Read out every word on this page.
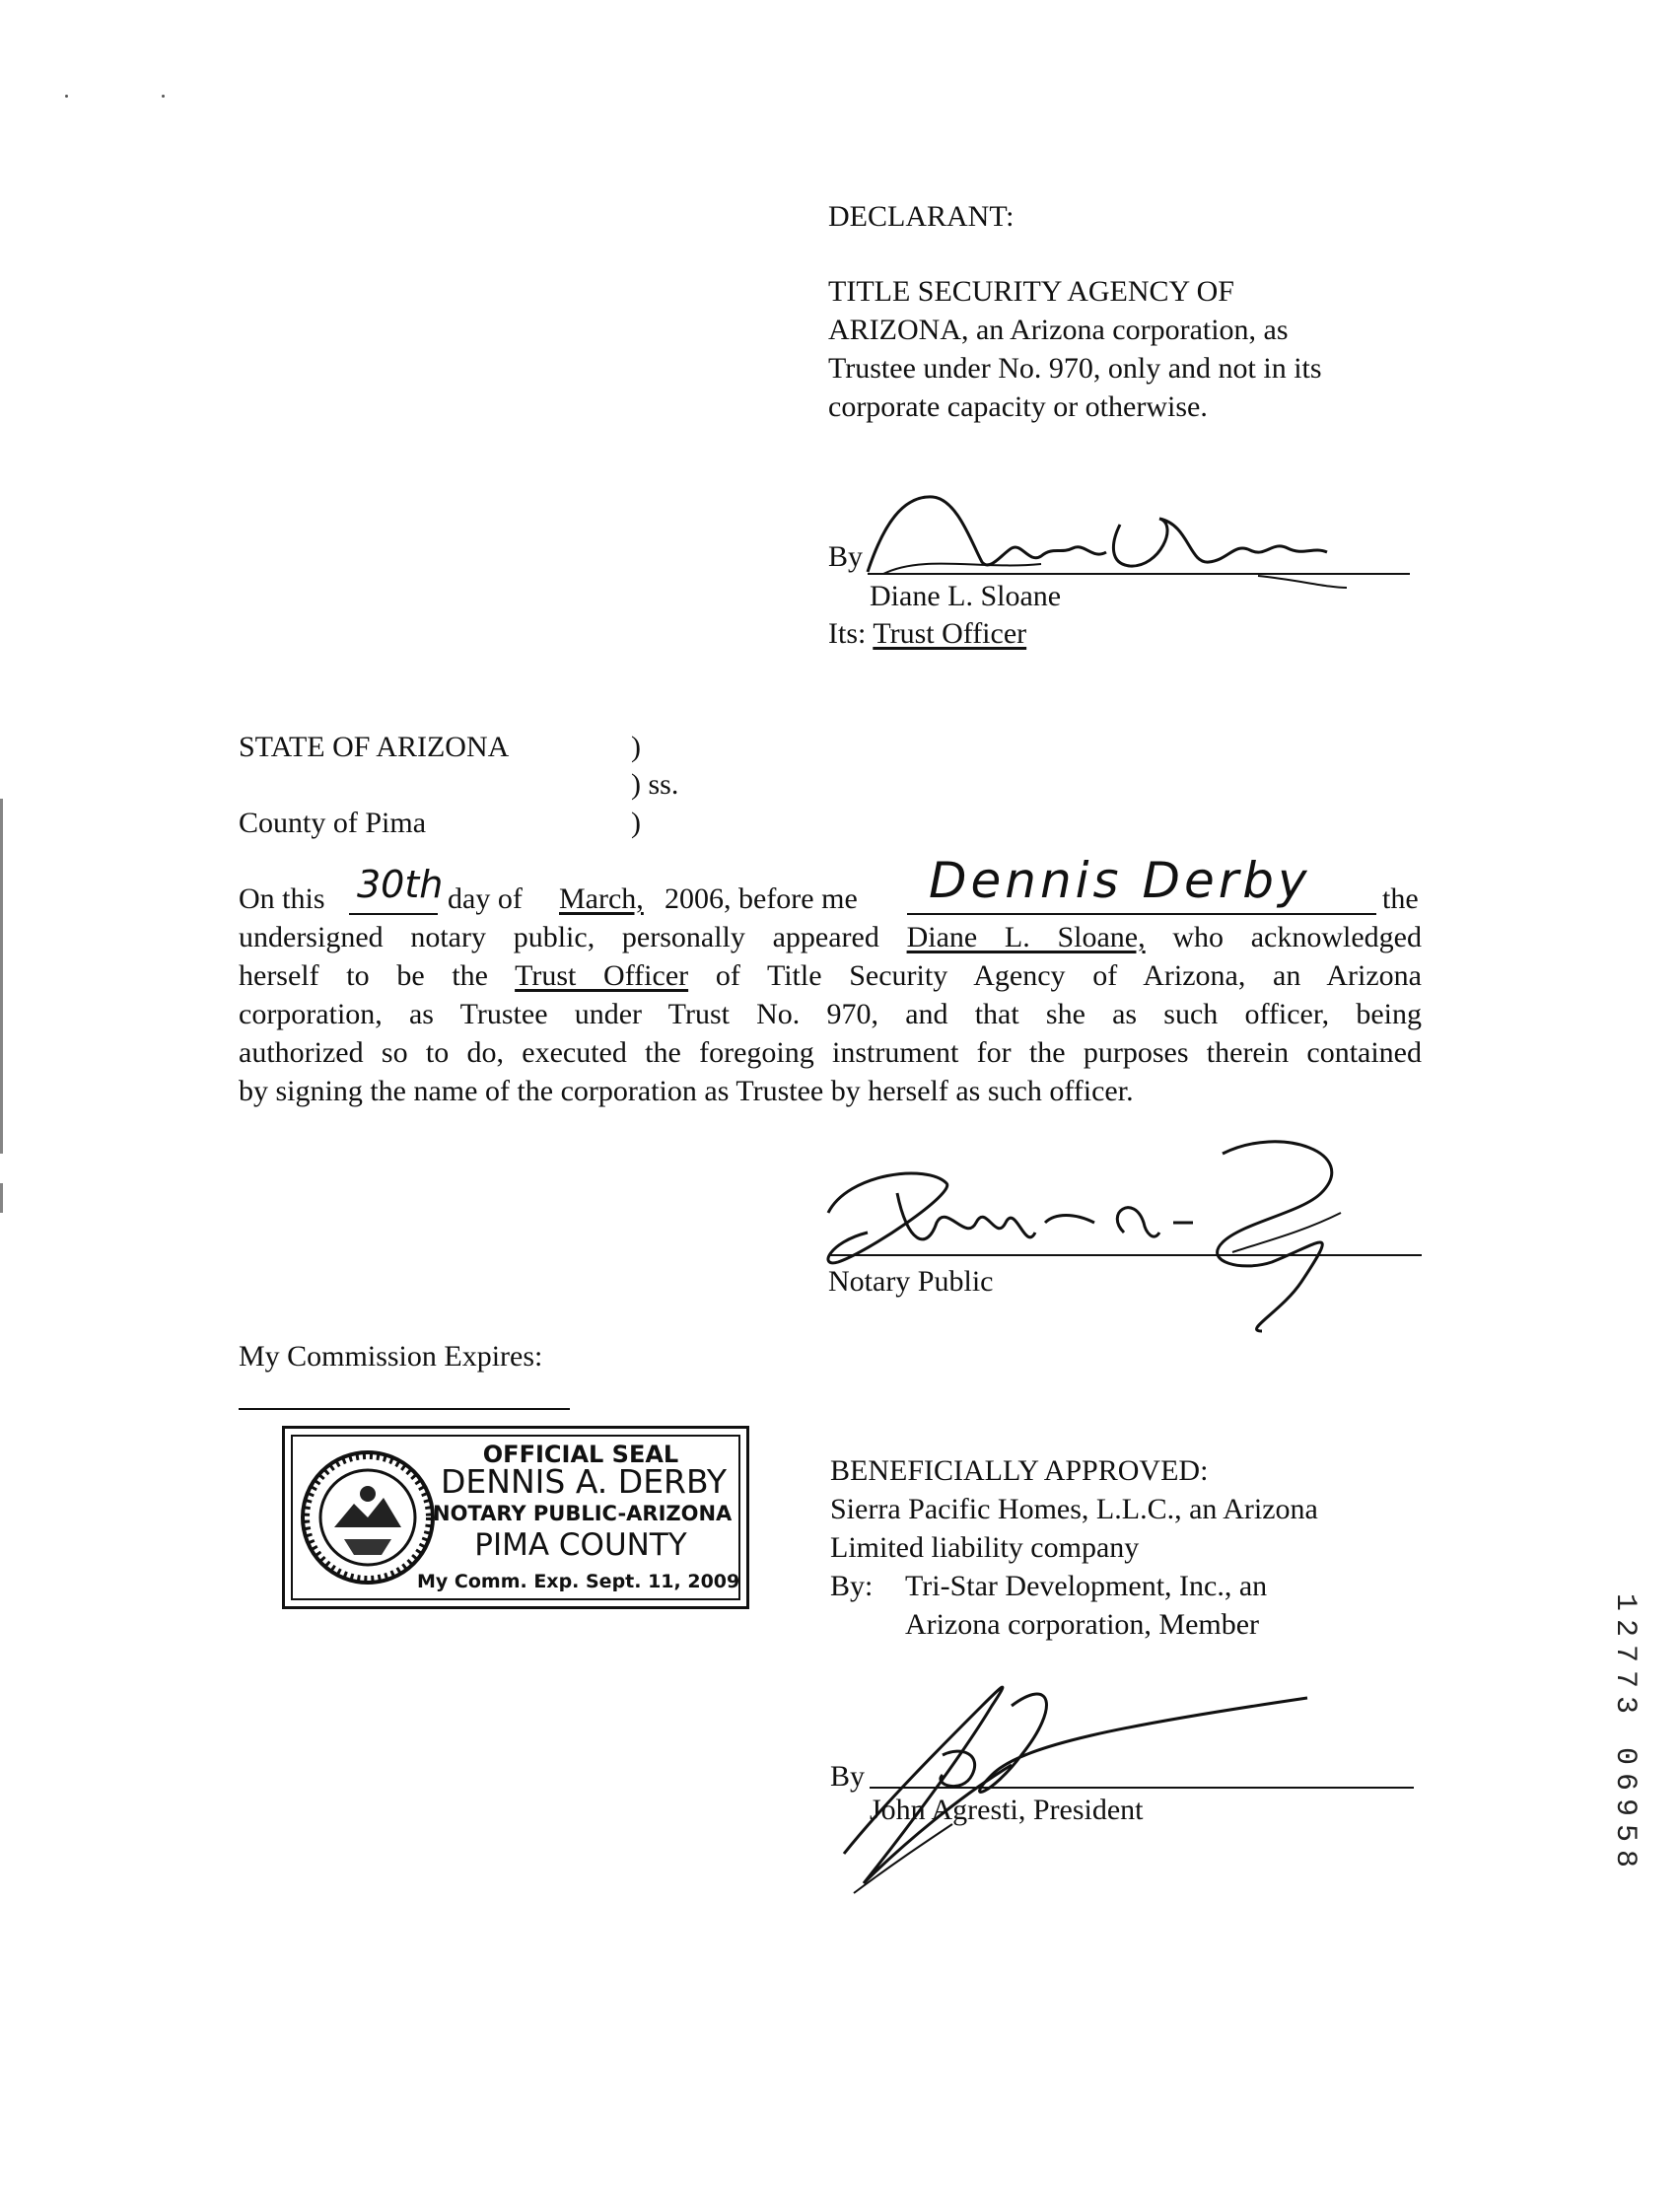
DECLARANT:
TITLE SECURITY AGENCY OF
ARIZONA, an Arizona corporation, as
Trustee under No. 970, only and not in its
corporate capacity or otherwise.
By
Diane L. Sloane
Its: Trust Officer
STATE OF ARIZONA	)
) ss.
County of Pima	)
On this 30th day of March, 2006, before me Dennis Derby the
undersigned notary public, personally appeared Diane L. Sloane, who acknowledged
herself to be the Trust Officer of Title Security Agency of Arizona, an Arizona
corporation, as Trustee under Trust No. 970, and that she as such officer, being
authorized so to do, executed the foregoing instrument for the purposes therein contained
by signing the name of the corporation as Trustee by herself as such officer.
Notary Public
My Commission Expires:
OFFICIAL SEAL
DENNIS A. DERBY
NOTARY PUBLIC-ARIZONA
PIMA COUNTY
My Comm. Exp. Sept. 11, 2009
BENEFICIALLY APPROVED:
Sierra Pacific Homes, L.L.C., an Arizona
Limited liability company
By: Tri-Star Development, Inc., an
Arizona corporation, Member
By
John Agresti, President
1
2
7
7
3
0
6
9
5
8
